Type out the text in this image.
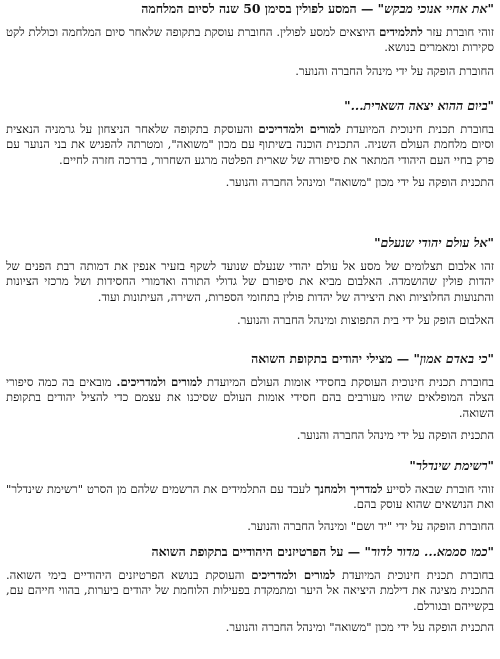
"את אחיי אנוכי מבקש" — המסע לפולין בסימן 50 שנה לסיום המלחמה

זוהי חוברת עזר לתלמידים היוצאים למסע לפולין. החוברת עוסקת בתקופה שלאחר סיום המלחמה וכוללת לקט סקירות ומאמרים בנושא.

החוברת הופקה על ידי מינהל החברה והנוער.

"ביום ההוא יצאה השארית..."

בחוברת תכנית חינוכית המיועדת למורים ולמדריכים והעוסקת בתקופה שלאחר הניצחון על גרמניה הנאצית וסיום מלחמת העולם השניה. התכנית הוכנה בשיתוף עם מכון "משואה", ומטרתה להפגיש את בני הנוער עם פרק בחיי העם היהודי המתאר את סיפורה של שארית הפלטה מרגע השחרור, בדרכה חזרה לחיים.

התכנית הופקה על ידי מכון "משואה" ומינהל החברה והנוער.

"אל עולם יהודי שנעלם"

זהו אלבום תצלומים של מסע אל עולם יהודי שנעלם שנועד לשקף בזעיר אנפין את דמותה רבת הפנים של יהדות פולין שהושמדה. האלבום מביא את סיפורם של גדולי התורה ואדמורי החסידות ושל מרכזי הציונות והתנועות החלוציות ואת היצירה של יהדות פולין בתחומי הספרות, השירה, העיתונות ועוד.

האלבום הופק על ידי בית התפוצות ומינהל החברה והנוער.

"כי באדם אמון" — מצילי יהודים בתקופת השואה

בחוברת תכנית חינוכית העוסקת בחסידי אומות העולם המיועדת למורים ולמדריכים. מובאים בה כמה סיפורי הצלה המופלאים שהיו מעורבים בהם חסידי אומות העולם שסיכנו את עצמם כדי להציל יהודים בתקופת השואה.

התכנית הופקה על ידי מינהל החברה והנוער.

"רשימת שינדלר"

זוהי חוברת שבאה לסייע למדריך ולמחנך לעבד עם התלמידים את הרשמים שלהם מן הסרט "רשימת שינדלר" ואת הנושאים שהוא עוסק בהם.

החוברת הופקה על ידי "יד ושם" ומינהל החברה והנוער.

"כמו סממא... מדור לדור" — על הפרטיזנים היהודיים בתקופת השואה

בחוברת תכנית חינוכית המיועדת למורים ולמדריכים והעוסקת בנושא הפרטיזנים היהודיים בימי השואה. התכנית מציגה את דילמת היציאה אל היער ומתמקדת בפעילות הלוחמת של יהודים ביערות, בהווי חייהם עם, בקשייהם ובגורלם.

התכנית הופקה על ידי מכון "משואה" ומינהל החברה והנוער.
